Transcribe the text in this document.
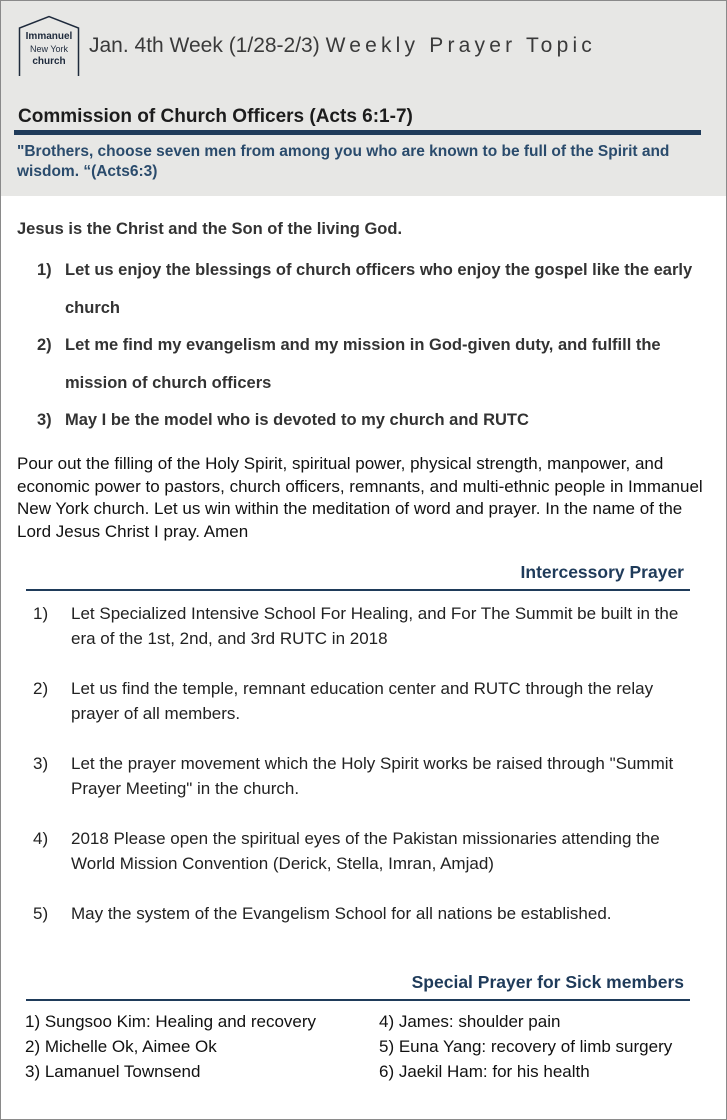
Immanuel
New York
church
Jan. 4th Week (1/28-2/3) Weekly Prayer Topic
Commission of Church Officers (Acts 6:1-7)
"Brothers, choose seven men from among you who are known to be full of the Spirit and wisdom. “(Acts6:3)
Jesus is the Christ and the Son of the living God.
1) Let us enjoy the blessings of church officers who enjoy the gospel like the early church
2) Let me find my evangelism and my mission in God-given duty, and fulfill the mission of church officers
3) May I be the model who is devoted to my church and RUTC
Pour out the filling of the Holy Spirit, spiritual power, physical strength, manpower, and economic power to pastors, church officers, remnants, and multi-ethnic people in Immanuel New York church. Let us win within the meditation of word and prayer. In the name of the Lord Jesus Christ I pray. Amen
Intercessory Prayer
1) Let Specialized Intensive School For Healing, and For The Summit be built in the era of the 1st, 2nd, and 3rd RUTC in 2018
2) Let us find the temple, remnant education center and RUTC through the relay prayer of all members.
3) Let the prayer movement which the Holy Spirit works be raised through "Summit Prayer Meeting" in the church.
4) 2018 Please open the spiritual eyes of the Pakistan missionaries attending the World Mission Convention (Derick, Stella, Imran, Amjad)
5) May the system of the Evangelism School for all nations be established.
Special Prayer for Sick members
1) Sungsoo Kim: Healing and recovery
2) Michelle Ok, Aimee Ok
3) Lamanuel Townsend
4) James: shoulder pain
5) Euna Yang: recovery of limb surgery
6) Jaekil Ham: for his health
